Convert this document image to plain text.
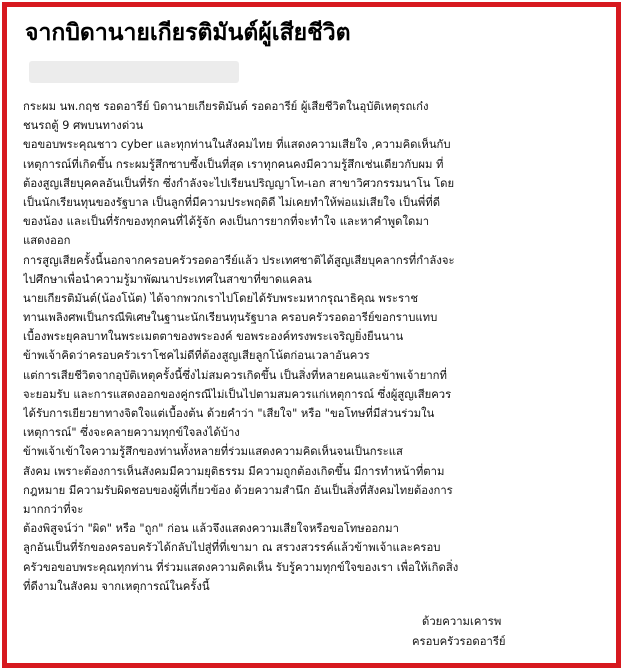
จากบิดานายเกียรติมันต์ผู้เสียชีวิต
กระผม นพ.กฤช รอดอารีย์ บิดานายเกียรติมันต์ รอดอารีย์ ผู้เสียชีวิตในอุบัติเหตุรถเก๋ง
ชนรถตู้ 9 ศพบนทางด่วน
ขอขอบพระคุณชาว cyber และทุกท่านในสังคมไทย ที่แสดงความเสียใจ ,ความคิดเห็นกับ
เหตุการณ์ที่เกิดขึ้น กระผมรู้สึกซาบซึ้งเป็นที่สุด เราทุกคนคงมีความรู้สึกเช่นเดียวกับผม ที่
ต้องสูญเสียบุคคลอันเป็นที่รัก ซึ่งกำลังจะไปเรียนปริญญาโท-เอก สาขาวิศวกรรมนาโน โดย
เป็นนักเรียนทุนของรัฐบาล เป็นลูกที่มีความประพฤติดี ไม่เคยทำให้พ่อแม่เสียใจ เป็นพี่ที่ดี
ของน้อง และเป็นที่รักของทุกคนที่ได้รู้จัก คงเป็นการยากที่จะทำใจ และหาคำพูดใดมา
แสดงออก
การสูญเสียครั้งนี้นอกจากครอบครัวรอดอารีย์แล้ว ประเทศชาติได้สูญเสียบุคลากรที่กำลังจะ
ไปศึกษาเพื่อนำความรู้มาพัฒนาประเทศในสาขาที่ขาดแคลน
นายเกียรติมันต์(น้องโน้ต) ได้จากพวกเราไปโดยได้รับพระมหากรุณาธิคุณ พระราช
ทานเพลิงศพเป็นกรณีพิเศษในฐานะนักเรียนทุนรัฐบาล ครอบครัวรอดอารีย์ขอกราบแทบ
เบื้องพระยุคลบาทในพระเมตตาของพระองค์ ขอพระองค์ทรงพระเจริญยิ่งยืนนาน
ข้าพเจ้าคิดว่าครอบครัวเราโชคไม่ดีที่ต้องสูญเสียลูกโน้ตก่อนเวลาอันควร
แต่การเสียชีวิตจากอุบัติเหตุครั้งนี้ซึ่งไม่สมควรเกิดขึ้น เป็นสิ่งที่หลายคนและข้าพเจ้ายากที่
จะยอมรับ และการแสดงออกของคู่กรณีไม่เป็นไปตามสมควรแก่เหตุการณ์ ซึ่งผู้สูญเสียควร
ได้รับการเยียวยาทางจิตใจแต่เบื้องต้น ด้วยคำว่า "เสียใจ" หรือ "ขอโทษที่มีส่วนร่วมใน
เหตุการณ์" ซึ่งจะคลายความทุกข์ใจลงได้บ้าง
ข้าพเจ้าเข้าใจความรู้สึกของท่านทั้งหลายที่ร่วมแสดงความคิดเห็นจนเป็นกระแส
สังคม เพราะต้องการเห็นสังคมมีความยุติธรรม มีความถูกต้องเกิดขึ้น มีการทำหน้าที่ตาม
กฎหมาย มีความรับผิดชอบของผู้ที่เกี่ยวข้อง ด้วยความสำนึก อันเป็นสิ่งที่สังคมไทยต้องการ
มากกว่าที่จะ
ต้องพิสูจน์ว่า "ผิด" หรือ "ถูก" ก่อน แล้วจึงแสดงความเสียใจหรือขอโทษออกมา
ลูกอันเป็นที่รักของครอบครัวได้กลับไปสู่ที่ที่เขามา ณ สรวงสวรรค์แล้วข้าพเจ้าและครอบ
ครัวขอขอบพระคุณทุกท่าน ที่ร่วมแสดงความคิดเห็น รับรู้ความทุกข์ใจของเรา เพื่อให้เกิดสิ่ง
ที่ดีงามในสังคม จากเหตุการณ์ในครั้งนี้
ด้วยความเคารพ
ครอบครัวรอดอารีย์
